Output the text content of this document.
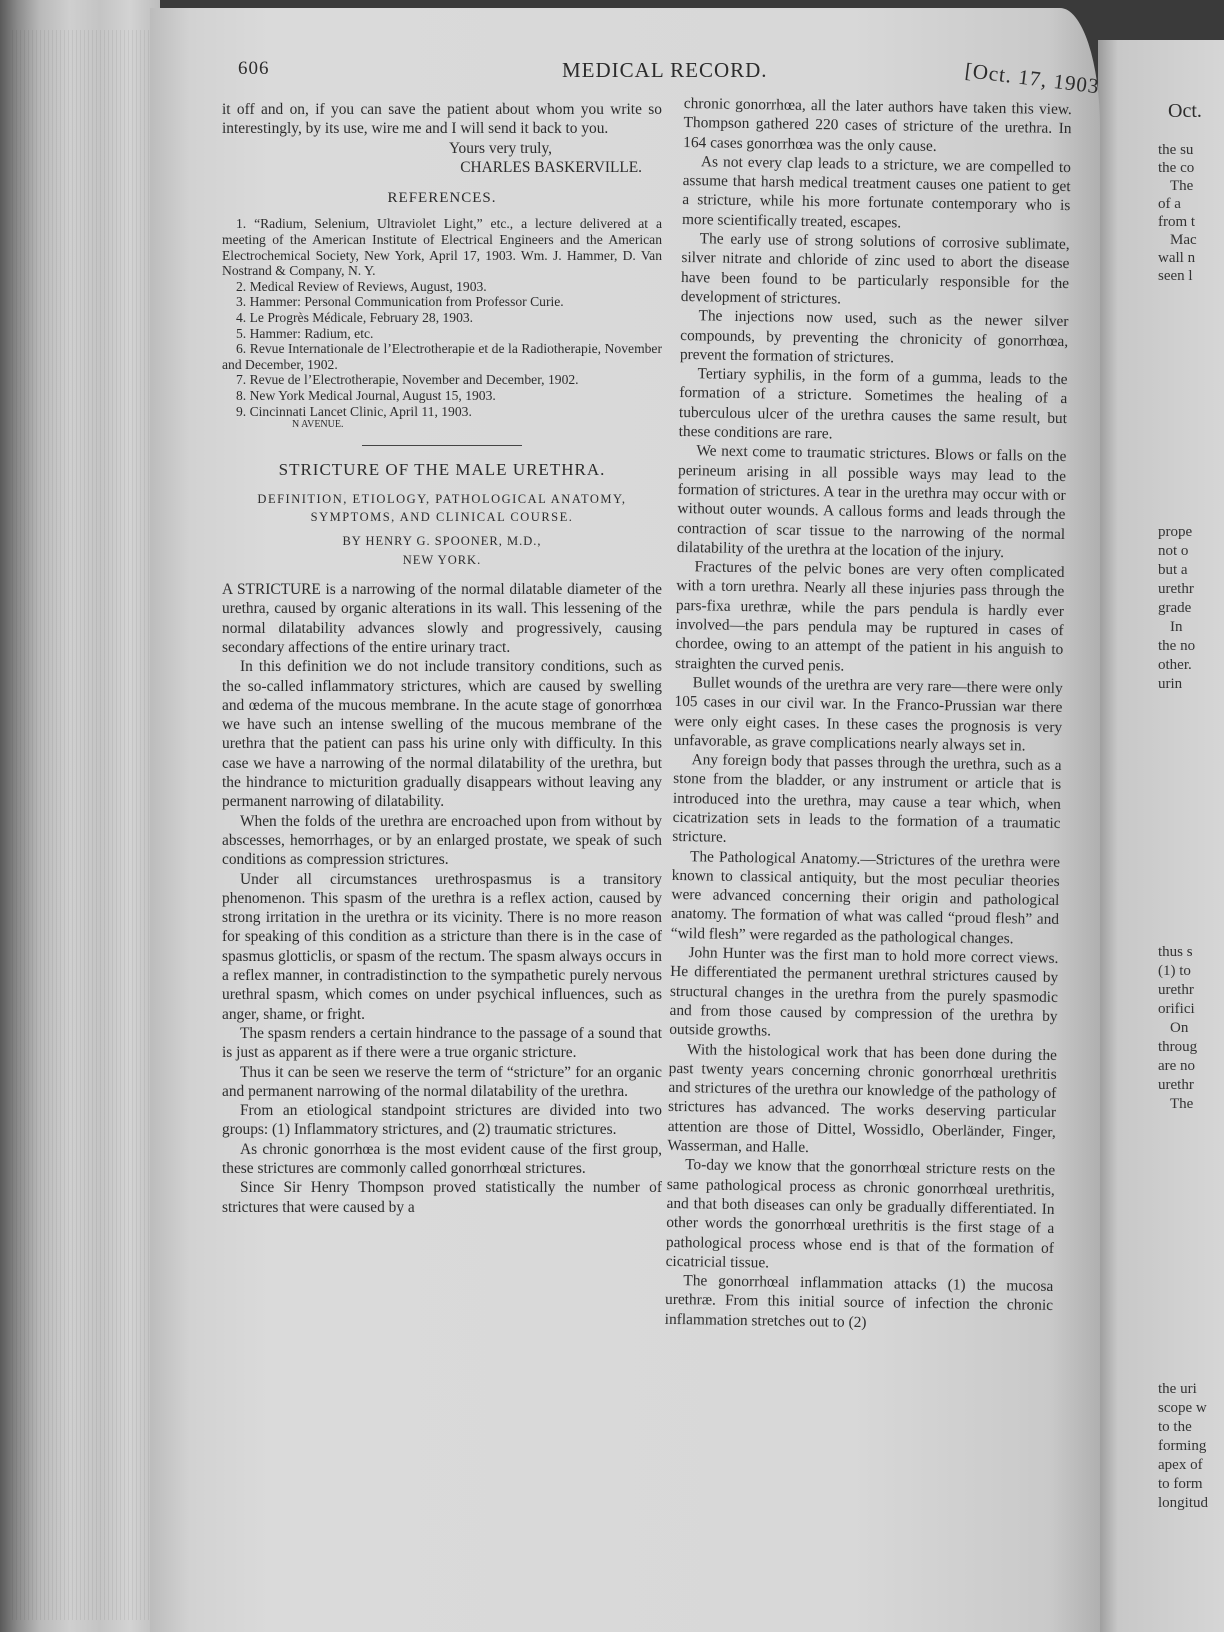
606	MEDICAL RECORD.	[Oct. 17, 1903

it off and on, if you can save the patient about whom you write so interestingly, by its use, wire me and I will send it back to you.

Yours very truly,

CHARLES BASKERVILLE.

REFERENCES.

1. “Radium, Selenium, Ultraviolet Light,” etc., a lecture delivered at a meeting of the American Institute of Electrical Engineers and the American Electrochemical Society, New York, April 17, 1903. Wm. J. Hammer, D. Van Nostrand & Company, N. Y.

2. Medical Review of Reviews, August, 1903.

3. Hammer: Personal Communication from Professor Curie.

4. Le Progrès Médicale, February 28, 1903.

5. Hammer: Radium, etc.

6. Revue Internationale de l’Electrotherapie et de la Radiotherapie, November and December, 1902.

7. Revue de l’Electrotherapie, November and December, 1902.

8. New York Medical Journal, August 15, 1903.

9. Cincinnati Lancet Clinic, April 11, 1903.

N AVENUE.

STRICTURE OF THE MALE URETHRA.

DEFINITION, ETIOLOGY, PATHOLOGICAL ANATOMY, SYMPTOMS, AND CLINICAL COURSE.

BY HENRY G. SPOONER, M.D.,

NEW YORK.

A STRICTURE is a narrowing of the normal dilatable diameter of the urethra, caused by organic alterations in its wall. This lessening of the normal dilatability advances slowly and progressively, causing secondary affections of the entire urinary tract.

In this definition we do not include transitory conditions, such as the so-called inflammatory strictures, which are caused by swelling and œdema of the mucous membrane. In the acute stage of gonorrhœa we have such an intense swelling of the mucous membrane of the urethra that the patient can pass his urine only with difficulty. In this case we have a narrowing of the normal dilatability of the urethra, but the hindrance to micturition gradually disappears without leaving any permanent narrowing of dilatability.

When the folds of the urethra are encroached upon from without by abscesses, hemorrhages, or by an enlarged prostate, we speak of such conditions as compression strictures.

Under all circumstances urethrospasmus is a transitory phenomenon. This spasm of the urethra is a reflex action, caused by strong irritation in the urethra or its vicinity. There is no more reason for speaking of this condition as a stricture than there is in the case of spasmus glotticlis, or spasm of the rectum. The spasm always occurs in a reflex manner, in contradistinction to the sympathetic purely nervous urethral spasm, which comes on under psychical influences, such as anger, shame, or fright.

The spasm renders a certain hindrance to the passage of a sound that is just as apparent as if there were a true organic stricture.

Thus it can be seen we reserve the term of “stricture” for an organic and permanent narrowing of the normal dilatability of the urethra.

From an etiological standpoint strictures are divided into two groups: (1) Inflammatory strictures, and (2) traumatic strictures.

As chronic gonorrhœa is the most evident cause of the first group, these strictures are commonly called gonorrhœal strictures.

Since Sir Henry Thompson proved statistically the number of strictures that were caused by a

chronic gonorrhœa, all the later authors have taken this view. Thompson gathered 220 cases of stricture of the urethra. In 164 cases gonorrhœa was the only cause.

As not every clap leads to a stricture, we are compelled to assume that harsh medical treatment causes one patient to get a stricture, while his more fortunate contemporary who is more scientifically treated, escapes.

The early use of strong solutions of corrosive sublimate, silver nitrate and chloride of zinc used to abort the disease have been found to be particularly responsible for the development of strictures.

The injections now used, such as the newer silver compounds, by preventing the chronicity of gonorrhœa, prevent the formation of strictures.

Tertiary syphilis, in the form of a gumma, leads to the formation of a stricture. Sometimes the healing of a tuberculous ulcer of the urethra causes the same result, but these conditions are rare.

We next come to traumatic strictures. Blows or falls on the perineum arising in all possible ways may lead to the formation of strictures. A tear in the urethra may occur with or without outer wounds. A callous forms and leads through the contraction of scar tissue to the narrowing of the normal dilatability of the urethra at the location of the injury.

Fractures of the pelvic bones are very often complicated with a torn urethra. Nearly all these injuries pass through the pars-fixa urethræ, while the pars pendula is hardly ever involved—the pars pendula may be ruptured in cases of chordee, owing to an attempt of the patient in his anguish to straighten the curved penis.

Bullet wounds of the urethra are very rare—there were only 105 cases in our civil war. In the Franco-Prussian war there were only eight cases. In these cases the prognosis is very unfavorable, as grave complications nearly always set in.

Any foreign body that passes through the urethra, such as a stone from the bladder, or any instrument or article that is introduced into the urethra, may cause a tear which, when cicatrization sets in leads to the formation of a traumatic stricture.

The Pathological Anatomy.—Strictures of the urethra were known to classical antiquity, but the most peculiar theories were advanced concerning their origin and pathological anatomy. The formation of what was called “proud flesh” and “wild flesh” were regarded as the pathological changes.

John Hunter was the first man to hold more correct views. He differentiated the permanent urethral strictures caused by structural changes in the urethra from the purely spasmodic and from those caused by compression of the urethra by outside growths.

With the histological work that has been done during the past twenty years concerning chronic gonorrhœal urethritis and strictures of the urethra our knowledge of the pathology of strictures has advanced. The works deserving particular attention are those of Dittel, Wossidlo, Oberländer, Finger, Wasserman, and Halle.

To-day we know that the gonorrhœal stricture rests on the same pathological process as chronic gonorrhœal urethritis, and that both diseases can only be gradually differentiated. In other words the gonorrhœal urethritis is the first stage of a pathological process whose end is that of the formation of cicatricial tissue.

The gonorrhœal inflammation attacks (1) the mucosa urethræ. From this initial source of infection the chronic inflammation stretches out to (2)

Oct.
the su
the co
The
of a
from t
Mac
wall n
seen l
prope
not o
but a
urethr
grade
In
the no
other.
urin
thus s
(1) to
urethr
orifici
On
throug
are no
urethr
The
the uri
scope w
to the
forming
apex of
to form
longitud
